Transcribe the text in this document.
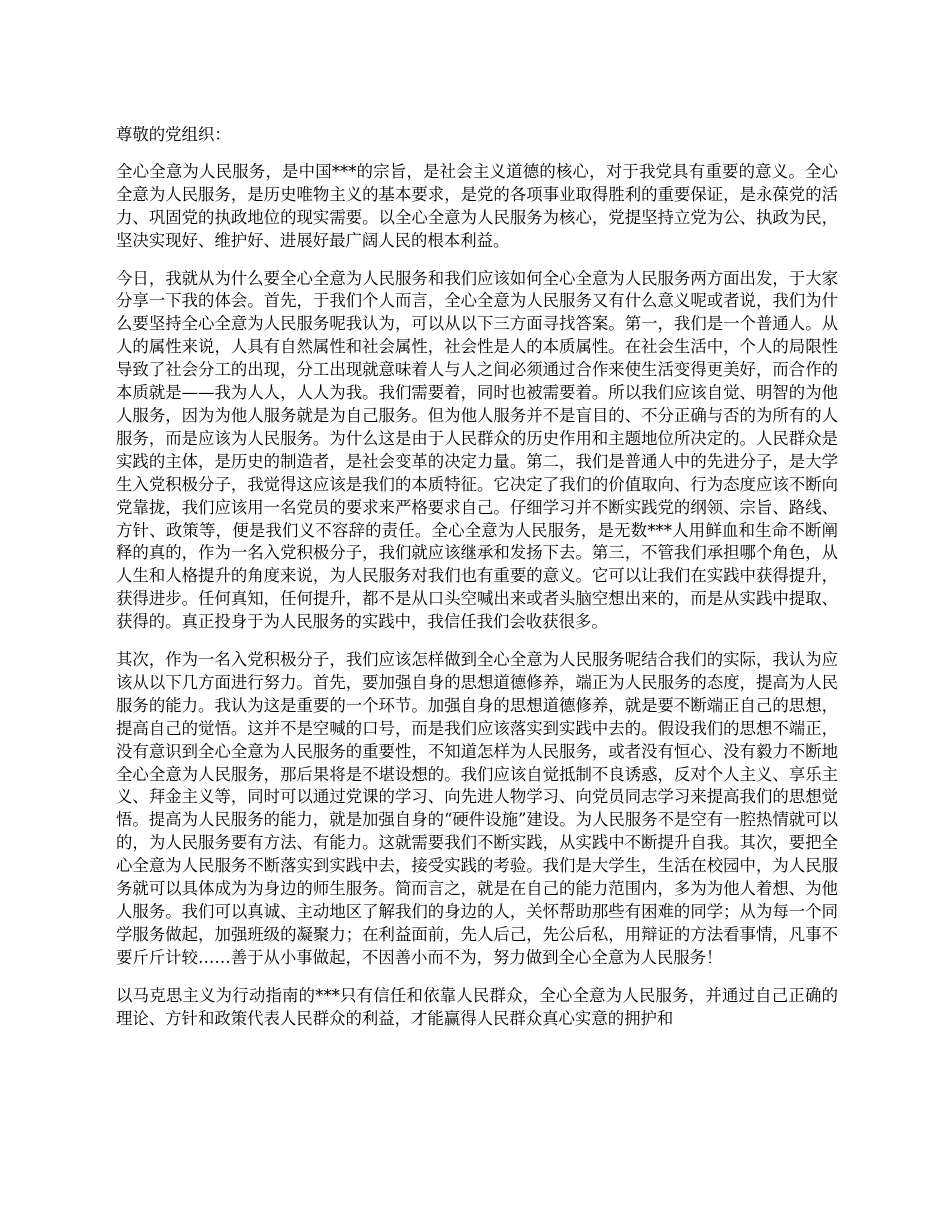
尊敬的党组织：

全心全意为人民服务，是中国***的宗旨，是社会主义道德的核心，对于我党具有重要的意义。全心全意为人民服务，是历史唯物主义的基本要求，是党的各项事业取得胜利的重要保证，是永葆党的活力、巩固党的执政地位的现实需要。以全心全意为人民服务为核心，党提坚持立党为公、执政为民，坚决实现好、维护好、进展好最广阔人民的根本利益。

今日，我就从为什么要全心全意为人民服务和我们应该如何全心全意为人民服务两方面出发，于大家分享一下我的体会。首先，于我们个人而言，全心全意为人民服务又有什么意义呢或者说，我们为什么要坚持全心全意为人民服务呢我认为，可以从以下三方面寻找答案。第一，我们是一个普通人。从人的属性来说，人具有自然属性和社会属性，社会性是人的本质属性。在社会生活中，个人的局限性导致了社会分工的出现，分工出现就意味着人与人之间必须通过合作来使生活变得更美好，而合作的本质就是——我为人人，人人为我。我们需要着，同时也被需要着。所以我们应该自觉、明智的为他人服务，因为为他人服务就是为自己服务。但为他人服务并不是盲目的、不分正确与否的为所有的人服务，而是应该为人民服务。为什么这是由于人民群众的历史作用和主题地位所决定的。人民群众是实践的主体，是历史的制造者，是社会变革的决定力量。第二，我们是普通人中的先进分子，是大学生入党积极分子，我觉得这应该是我们的本质特征。它决定了我们的价值取向、行为态度应该不断向党靠拢，我们应该用一名党员的要求来严格要求自己。仔细学习并不断实践党的纲领、宗旨、路线、方针、政策等，便是我们义不容辞的责任。全心全意为人民服务，是无数***人用鲜血和生命不断阐释的真的，作为一名入党积极分子，我们就应该继承和发扬下去。第三，不管我们承担哪个角色，从人生和人格提升的角度来说，为人民服务对我们也有重要的意义。它可以让我们在实践中获得提升，获得进步。任何真知，任何提升，都不是从口头空喊出来或者头脑空想出来的，而是从实践中提取、获得的。真正投身于为人民服务的实践中，我信任我们会收获很多。

其次，作为一名入党积极分子，我们应该怎样做到全心全意为人民服务呢结合我们的实际，我认为应该从以下几方面进行努力。首先，要加强自身的思想道德修养，端正为人民服务的态度，提高为人民服务的能力。我认为这是重要的一个环节。加强自身的思想道德修养，就是要不断端正自己的思想，提高自己的觉悟。这并不是空喊的口号，而是我们应该落实到实践中去的。假设我们的思想不端正，没有意识到全心全意为人民服务的重要性，不知道怎样为人民服务，或者没有恒心、没有毅力不断地全心全意为人民服务，那后果将是不堪设想的。我们应该自觉抵制不良诱惑，反对个人主义、享乐主义、拜金主义等，同时可以通过党课的学习、向先进人物学习、向党员同志学习来提高我们的思想觉悟。提高为人民服务的能力，就是加强自身的“硬件设施”建设。为人民服务不是空有一腔热情就可以的，为人民服务要有方法、有能力。这就需要我们不断实践，从实践中不断提升自我。其次，要把全心全意为人民服务不断落实到实践中去，接受实践的考验。我们是大学生，生活在校园中，为人民服务就可以具体成为为身边的师生服务。简而言之，就是在自己的能力范围内，多为为他人着想、为他人服务。我们可以真诚、主动地区了解我们的身边的人，关怀帮助那些有困难的同学；从为每一个同学服务做起，加强班级的凝聚力；在利益面前，先人后己，先公后私，用辩证的方法看事情，凡事不要斤斤计较……善于从小事做起，不因善小而不为，努力做到全心全意为人民服务！

以马克思主义为行动指南的***只有信任和依靠人民群众，全心全意为人民服务，并通过自己正确的理论、方针和政策代表人民群众的利益，才能赢得人民群众真心实意的拥护和
